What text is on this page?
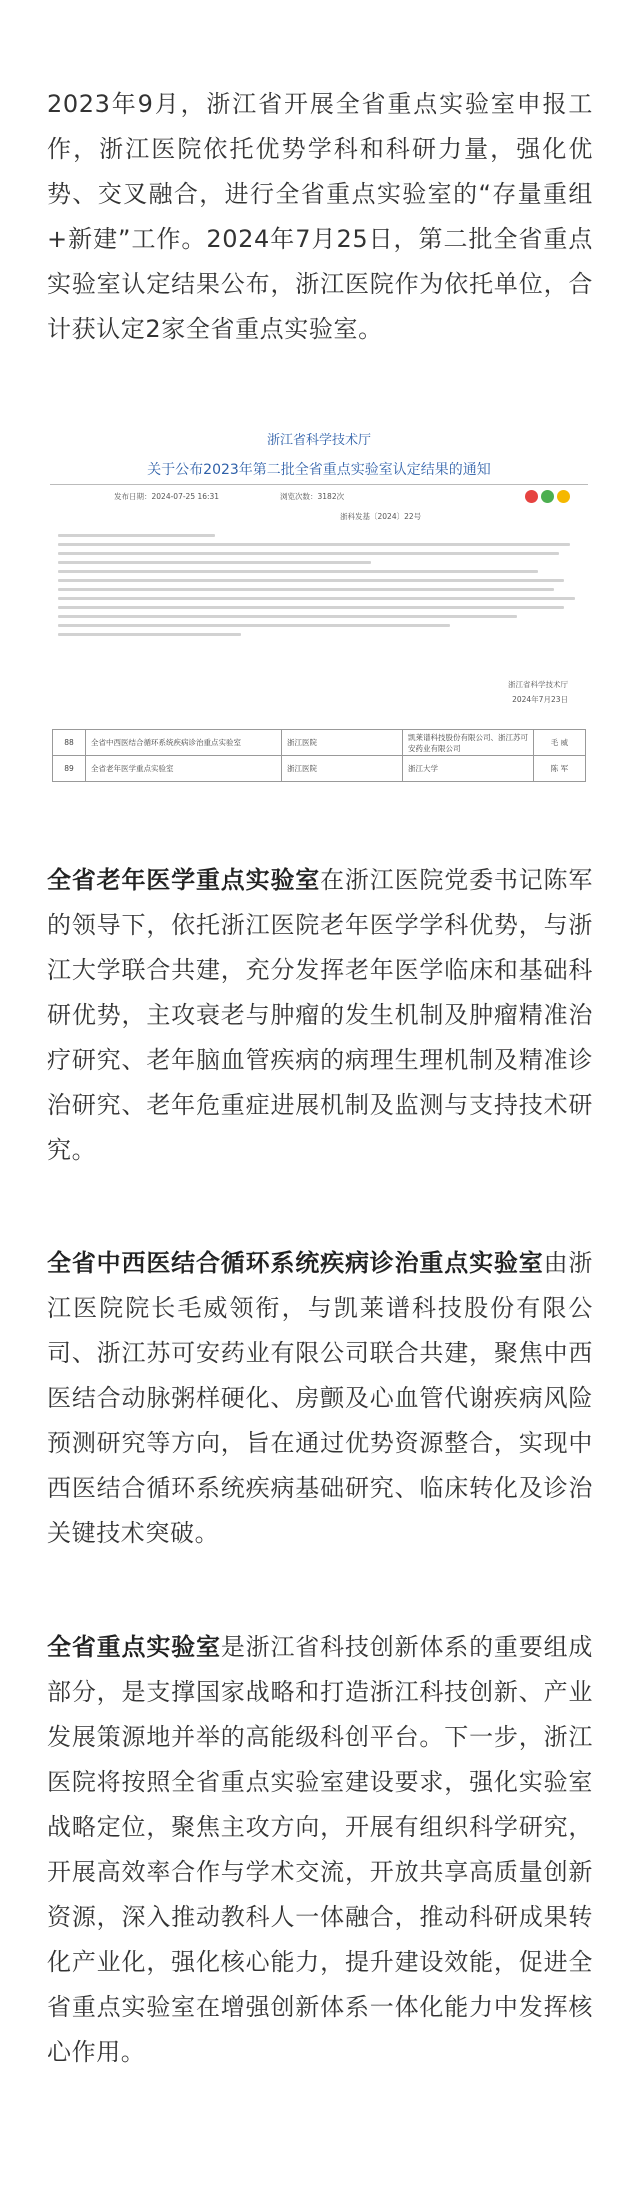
2023年9月，浙江省开展全省重点实验室申报工作，浙江医院依托优势学科和科研力量，强化优势、交叉融合，进行全省重点实验室的“存量重组+新建”工作。2024年7月25日，第二批全省重点实验室认定结果公布，浙江医院作为依托单位，合计获认定2家全省重点实验室。

浙江省科学技术厅
关于公布2023年第二批全省重点实验室认定结果的通知
发布日期：2024-07-25 16:31	浏览次数：3182次
浙科发基〔2024〕22号
浙江省科学技术厅
2024年7月23日
88	全省中西医结合循环系统疾病诊治重点实验室	浙江医院	凯莱谱科技股份有限公司、浙江苏可安药业有限公司	毛 威
89	全省老年医学重点实验室	浙江医院	浙江大学	陈 军

全省老年医学重点实验室在浙江医院党委书记陈军的领导下，依托浙江医院老年医学学科优势，与浙江大学联合共建，充分发挥老年医学临床和基础科研优势，主攻衰老与肿瘤的发生机制及肿瘤精准治疗研究、老年脑血管疾病的病理生理机制及精准诊治研究、老年危重症进展机制及监测与支持技术研究。

全省中西医结合循环系统疾病诊治重点实验室由浙江医院院长毛威领衔，与凯莱谱科技股份有限公司、浙江苏可安药业有限公司联合共建，聚焦中西医结合动脉粥样硬化、房颤及心血管代谢疾病风险预测研究等方向，旨在通过优势资源整合，实现中西医结合循环系统疾病基础研究、临床转化及诊治关键技术突破。

全省重点实验室是浙江省科技创新体系的重要组成部分，是支撑国家战略和打造浙江科技创新、产业发展策源地并举的高能级科创平台。下一步，浙江医院将按照全省重点实验室建设要求，强化实验室战略定位，聚焦主攻方向，开展有组织科学研究，开展高效率合作与学术交流，开放共享高质量创新资源，深入推动教科人一体融合，推动科研成果转化产业化，强化核心能力，提升建设效能，促进全省重点实验室在增强创新体系一体化能力中发挥核心作用。
